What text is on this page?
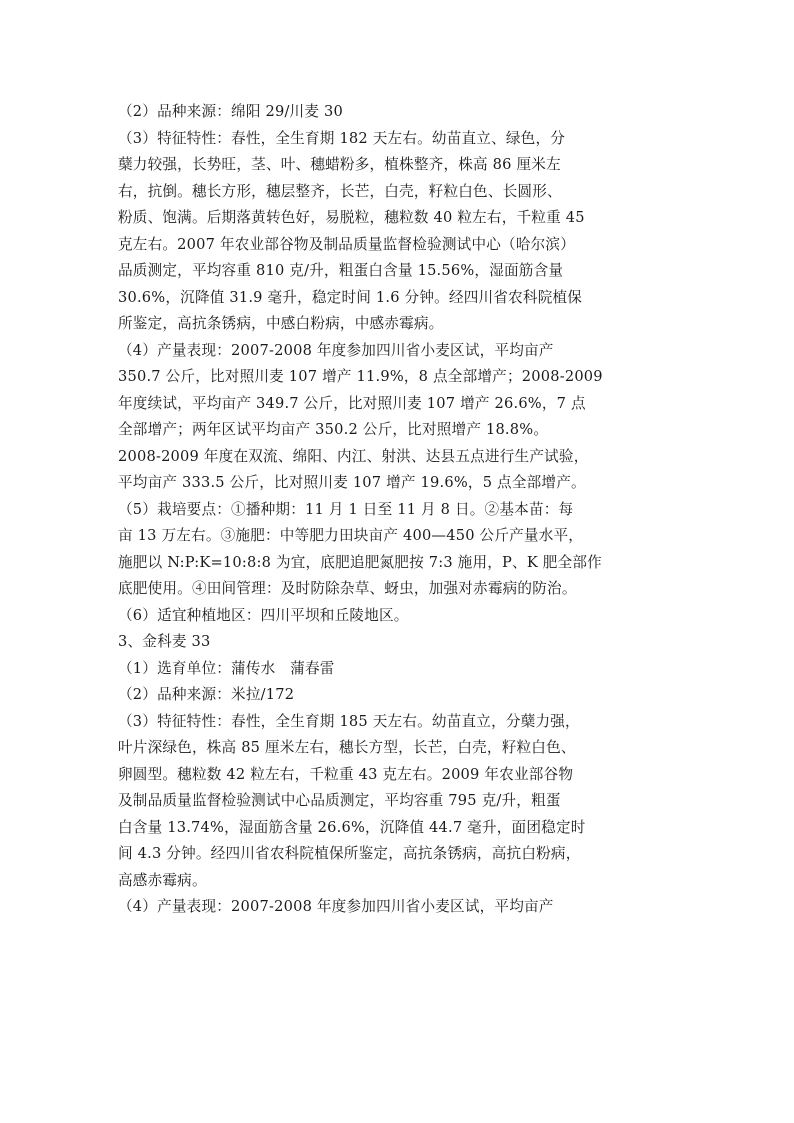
（2）品种来源：绵阳 29/川麦 30
（3）特征特性：春性，全生育期 182 天左右。幼苗直立、绿色，分
蘖力较强，长势旺，茎、叶、穗蜡粉多，植株整齐，株高 86 厘米左
右，抗倒。穗长方形，穗层整齐，长芒，白壳，籽粒白色、长圆形、
粉质、饱满。后期落黄转色好，易脱粒，穗粒数 40 粒左右，千粒重 45
克左右。2007 年农业部谷物及制品质量监督检验测试中心（哈尔滨）
品质测定，平均容重 810 克/升，粗蛋白含量 15.56%，湿面筋含量
30.6%，沉降值 31.9 毫升，稳定时间 1.6 分钟。经四川省农科院植保
所鉴定，高抗条锈病，中感白粉病，中感赤霉病。
（4）产量表现：2007-2008 年度参加四川省小麦区试，平均亩产
350.7 公斤，比对照川麦 107 增产 11.9%，8 点全部增产；2008-2009
年度续试，平均亩产 349.7 公斤，比对照川麦 107 增产 26.6%，7 点
全部增产；两年区试平均亩产 350.2 公斤，比对照增产 18.8%。
2008-2009 年度在双流、绵阳、内江、射洪、达县五点进行生产试验，
平均亩产 333.5 公斤，比对照川麦 107 增产 19.6%，5 点全部增产。
（5）栽培要点：①播种期：11 月 1 日至 11 月 8 日。②基本苗：每
亩 13 万左右。③施肥：中等肥力田块亩产 400—450 公斤产量水平，
施肥以 N:P:K=10:8:8 为宜，底肥追肥氮肥按 7:3 施用，P、K 肥全部作
底肥使用。④田间管理：及时防除杂草、蚜虫，加强对赤霉病的防治。
（6）适宜种植地区：四川平坝和丘陵地区。
3、金科麦 33
（1）选育单位：蒲传水　蒲春雷
（2）品种来源：米拉/172
（3）特征特性：春性，全生育期 185 天左右。幼苗直立，分蘖力强，
叶片深绿色，株高 85 厘米左右，穗长方型，长芒，白壳，籽粒白色、
卵圆型。穗粒数 42 粒左右，千粒重 43 克左右。2009 年农业部谷物
及制品质量监督检验测试中心品质测定，平均容重 795 克/升，粗蛋
白含量 13.74%，湿面筋含量 26.6%，沉降值 44.7 毫升，面团稳定时
间 4.3 分钟。经四川省农科院植保所鉴定，高抗条锈病，高抗白粉病，
高感赤霉病。
（4）产量表现：2007-2008 年度参加四川省小麦区试，平均亩产
